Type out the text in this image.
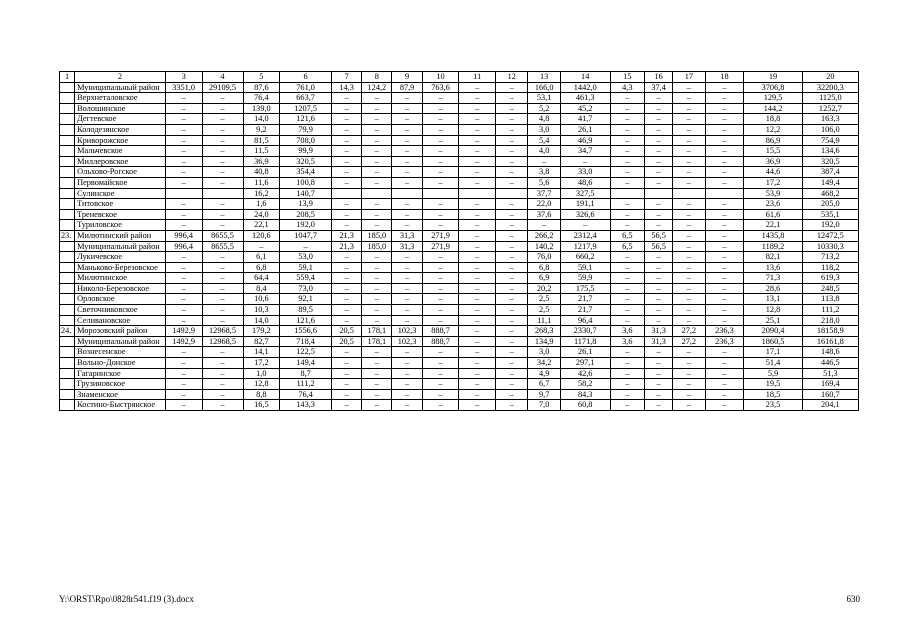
1	2	3	4	5	6	7	8	9	10	11	12	13	14	15	16	17	18	19	20
	Муниципальный район	3351,0	29109,5	87,6	761,0	14,3	124,2	87,9	763,6	–	–	166,0	1442,0	4,3	37,4	–	–	3706,8	32200,3
	Верхнеталовское	–	–	76,4	663,7	–	–	–	–	–	–	53,1	461,3	–	–	–	–	129,5	1125,0
	Волошинское	–	–	139,0	1207,5	–	–	–	–	–	–	5,2	45,2	–	–	–	–	144,2	1252,7
	Дегтевское	–	–	14,0	121,6	–	–	–	–	–	–	4,8	41,7	–	–	–	–	18,8	163,3
	Колодезянское	–	–	9,2	79,9	–	–	–	–	–	–	3,0	26,1	–	–	–	–	12,2	106,0
	Криворожское	–	–	81,5	708,0	–	–	–	–	–	–	5,4	46,9	–	–	–	–	86,9	754,9
	Мальчевское	–	–	11,5	99,9	–	–	–	–	–	–	4,0	34,7	–	–	–	–	15,5	134,6
	Миллеровское	–	–	36,9	320,5	–	–	–	–	–	–	–	–	–	–	–	–	36,9	320,5
	Ольхово-Рогское	–	–	40,8	354,4	–	–	–	–	–	–	3,8	33,0	–	–	–	–	44,6	387,4
	Первомайское	–	–	11,6	100,8	–	–	–	–	–	–	5,6	48,6	–	–	–	–	17,2	149,4
	Сулинское			16,2	140,7							37,7	327,5					53,9	468,2
	Титовское	–	–	1,6	13,9	–	–	–	–	–	–	22,0	191,1	–	–	–	–	23,6	205,0
	Треневское	–	–	24,0	208,5	–	–	–	–	–	–	37,6	326,6	–	–	–	–	61,6	535,1
	Туриловское	–	–	22,1	192,0	–	–	–	–	–	–	–	–	–	–	–	–	22,1	192,0
23.	Милютинский район	996,4	8655,5	120,6	1047,7	21,3	185,0	31,3	271,9	–	–	266,2	2312,4	6,5	56,5	–	–	1435,8	12472,5
	Муниципальный район	996,4	8655,5	–	–	21,3	185,0	31,3	271,9	–	–	140,2	1217,9	6,5	56,5	–	–	1189,2	10330,3
	Лукичевское	–	–	6,1	53,0	–	–	–	–	–	–	76,0	660,2	–	–	–	–	82,1	713,2
	Маньково-Березовское	–	–	6,8	59,1	–	–	–	–	–	–	6,8	59,1	–	–	–	–	13,6	118,2
	Милютинское	–	–	64,4	559,4	–	–	–	–	–	–	6,9	59,9	–	–	–	–	71,3	619,3
	Николо-Березовское	–	–	8,4	73,0	–	–	–	–	–	–	20,2	175,5	–	–	–	–	28,6	248,5
	Орловское	–	–	10,6	92,1	–	–	–	–	–	–	2,5	21,7	–	–	–	–	13,1	113,8
	Светочниковское	–	–	10,3	89,5	–	–	–	–	–	–	2,5	21,7	–	–	–	–	12,8	111,2
	Селивановское	–	–	14,0	121,6	–	–	–	–	–	–	11,1	96,4	–	–	–	–	25,1	218,0
24.	Морозовский район	1492,9	12968,5	179,2	1556,6	20,5	178,1	102,3	888,7	–	–	268,3	2330,7	3,6	31,3	27,2	236,3	2090,4	18158,9
	Муниципальный район	1492,9	12968,5	82,7	718,4	20,5	178,1	102,3	888,7	–	–	134,9	1171,8	3,6	31,3	27,2	236,3	1860,5	16161,8
	Вознесенское	–	–	14,1	122,5	–	–	–	–	–	–	3,0	26,1	–	–	–	–	17,1	148,6
	Вольно-Донское	–	–	17,2	149,4	–	–	–	–	–	–	34,2	297,1	–	–	–	–	51,4	446,5
	Гагаринское	–	–	1,0	8,7	–	–	–	–	–	–	4,9	42,6	–	–	–	–	5,9	51,3
	Грузиновское	–	–	12,8	111,2	–	–	–	–	–	–	6,7	58,2	–	–	–	–	19,5	169,4
	Знаменское	–	–	8,8	76,4	–	–	–	–	–	–	9,7	84,3	–	–	–	–	18,5	160,7
	Костино-Быстрянское	–	–	16,5	143,3	–	–	–	–	–	–	7,0	60,8	–	–	–	–	23,5	204,1
Y:\ORST\Rpo\0828r541.f19 (3).docx	630
